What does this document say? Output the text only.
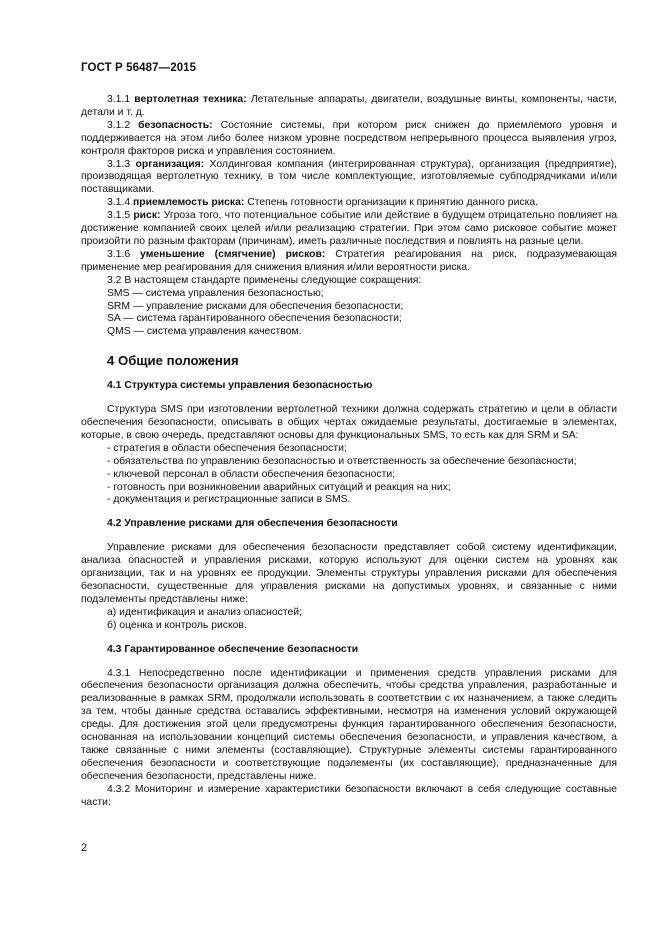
ГОСТ Р 56487—2015

3.1.1 вертолетная техника: Летательные аппараты, двигатели, воздушные винты, компоненты, части, детали и т. д.

3.1.2 безопасность: Состояние системы, при котором риск снижен до приемлемого уровня и поддерживается на этом либо более низком уровне посредством непрерывного процесса выявления угроз, контроля факторов риска и управления состоянием.

3.1.3 организация: Холдинговая компания (интегрированная структура), организация (предприятие), производящая вертолетную технику, в том числе комплектующие, изготовляемые субподрядчиками и/или поставщиками.

3.1.4 приемлемость риска: Степень готовности организации к принятию данного риска.

3.1.5 риск: Угроза того, что потенциальное событие или действие в будущем отрицательно повлияет на достижение компанией своих целей и/или реализацию стратегии. При этом само рисковое событие может произойти по разным факторам (причинам), иметь различные последствия и повлиять на разные цели.

3.1.6 уменьшение (смягчение) рисков: Стратегия реагирования на риск, подразумевающая применение мер реагирования для снижения влияния и/или вероятности риска.

3.2 В настоящем стандарте применены следующие сокращения:

SMS — система управления безопасностью;

SRM — управление рисками для обеспечения безопасности;

SA — система гарантированного обеспечения безопасности;

QMS — система управления качеством.

4 Общие положения

4.1 Структура системы управления безопасностью

Структура SMS при изготовлении вертолетной техники должна содержать стратегию и цели в области обеспечения безопасности, описывать в общих чертах ожидаемые результаты, достигаемые в элементах, которые, в свою очередь, представляют основы для функциональных SMS, то есть как для SRM и SA:

- стратегия в области обеспечения безопасности;

- обязательства по управлению безопасностью и ответственность за обеспечение безопасности;

- ключевой персонал в области обеспечения безопасности;

- готовность при возникновении аварийных ситуаций и реакция на них;

- документация и регистрационные записи в SMS.

4.2 Управление рисками для обеспечения безопасности

Управление рисками для обеспечения безопасности представляет собой систему идентификации, анализа опасностей и управления рисками, которую используют для оценки систем на уровнях как организации, так и на уровнях ее продукции. Элементы структуры управления рисками для обеспечения безопасности, существенные для управления рисками на допустимых уровнях, и связанные с ними подэлементы представлены ниже:

а) идентификация и анализ опасностей;

б) оценка и контроль рисков.

4.3 Гарантированное обеспечение безопасности

4.3.1 Непосредственно после идентификации и применения средств управления рисками для обеспечения безопасности организация должна обеспечить, чтобы средства управления, разработанные и реализованные в рамках SRM, продолжали использовать в соответствии с их назначением, а также следить за тем, чтобы данные средства оставались эффективными, несмотря на изменения условий окружающей среды. Для достижения этой цели предусмотрены функция гарантированного обеспечения безопасности, основанная на использовании концепций системы обеспечения безопасности, и управления качеством, а также связанные с ними элементы (составляющие). Структурные элементы системы гарантированного обеспечения безопасности и соответствующие подэлементы (их составляющие), предназначенные для обеспечения безопасности, представлены ниже.

4.3.2 Мониторинг и измерение характеристики безопасности включают в себя следующие составные части:

2
